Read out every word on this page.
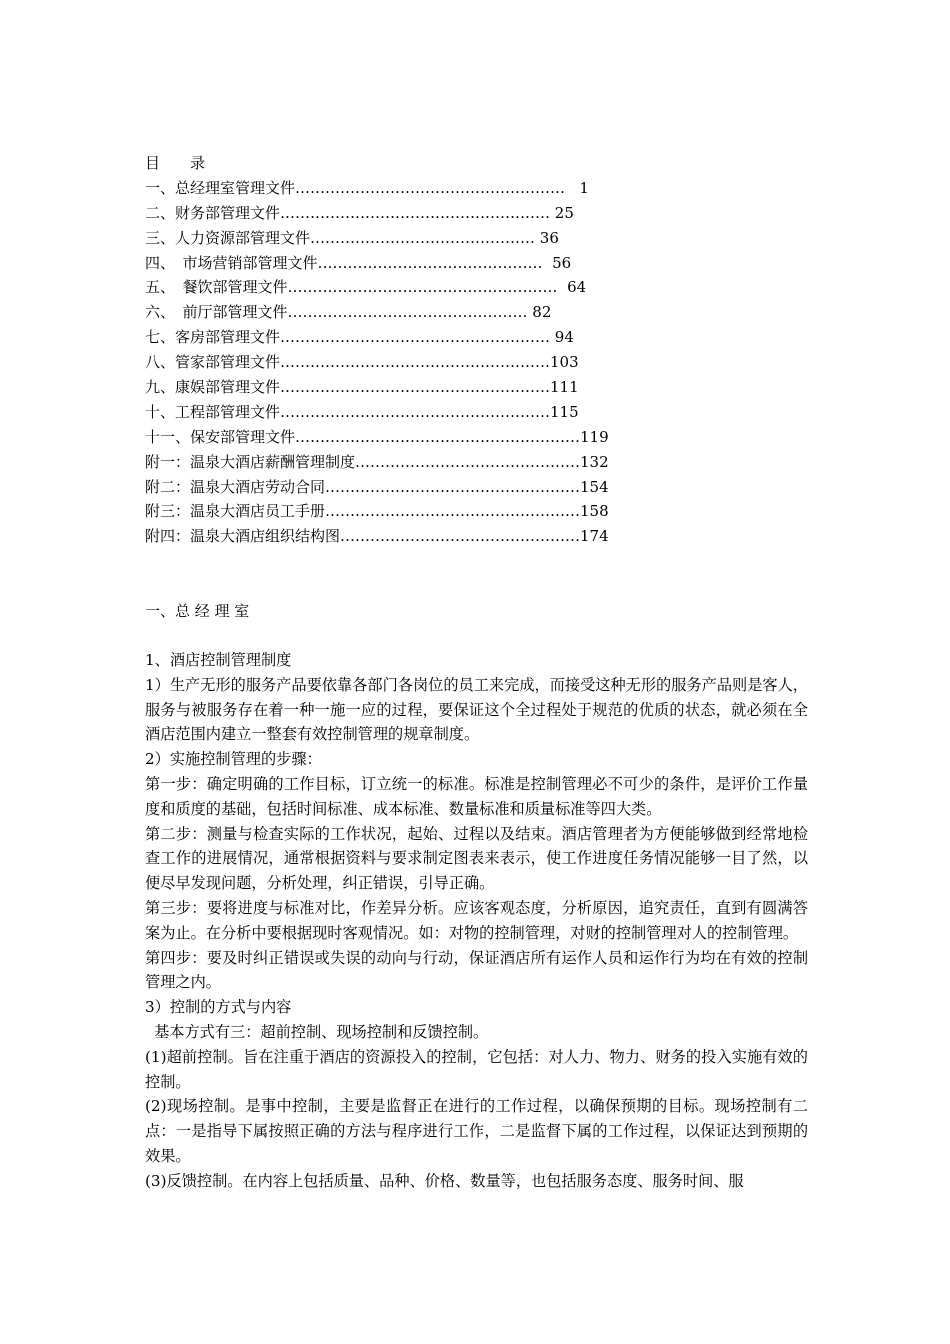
目　　录
一、总经理室管理文件……………………………………………… 1
二、财务部管理文件……………………………………………… 25
三、人力资源部管理文件……………………………………… 36
四、　市场营销部管理文件……………………………………… 56
五、　餐饮部管理文件……………………………………………… 64
六、　前厅部管理文件………………………………………… 82
七、客房部管理文件……………………………………………… 94
八、管家部管理文件………………………………………………103
九、康娱部管理文件………………………………………………111
十、工程部管理文件………………………………………………115
十一、保安部管理文件…………………………………………………119
附一：温泉大酒店薪酬管理制度………………………………………132
附二：温泉大酒店劳动合同……………………………………………154
附三：温泉大酒店员工手册……………………………………………158
附四：温泉大酒店组织结构图…………………………………………174
一、总 经 理 室

1、酒店控制管理制度

1）生产无形的服务产品要依靠各部门各岗位的员工来完成，而接受这种无形的服务产品则是客人，服务与被服务存在着一种一施一应的过程，要保证这个全过程处于规范的优质的状态，就必须在全酒店范围内建立一整套有效控制管理的规章制度。

2）实施控制管理的步骤：

第一步：确定明确的工作目标，订立统一的标准。标准是控制管理必不可少的条件，是评价工作量度和质度的基础，包括时间标准、成本标准、数量标准和质量标准等四大类。

第二步：测量与检查实际的工作状况，起始、过程以及结束。酒店管理者为方便能够做到经常地检查工作的进展情况，通常根据资料与要求制定图表来表示，使工作进度任务情况能够一目了然，以便尽早发现问题，分析处理，纠正错误，引导正确。

第三步：要将进度与标准对比，作差异分析。应该客观态度，分析原因，追究责任，直到有圆满答案为止。在分析中要根据现时客观情况。如：对物的控制管理，对财的控制管理对人的控制管理。

第四步：要及时纠正错误或失误的动向与行动，保证酒店所有运作人员和运作行为均在有效的控制管理之内。

3）控制的方式与内容

基本方式有三：超前控制、现场控制和反馈控制。

(1)超前控制。旨在注重于酒店的资源投入的控制，它包括：对人力、物力、财务的投入实施有效的控制。

(2)现场控制。是事中控制，主要是监督正在进行的工作过程，以确保预期的目标。现场控制有二点：一是指导下属按照正确的方法与程序进行工作，二是监督下属的工作过程，以保证达到预期的效果。

(3)反馈控制。在内容上包括质量、品种、价格、数量等，也包括服务态度、服务时间、服
